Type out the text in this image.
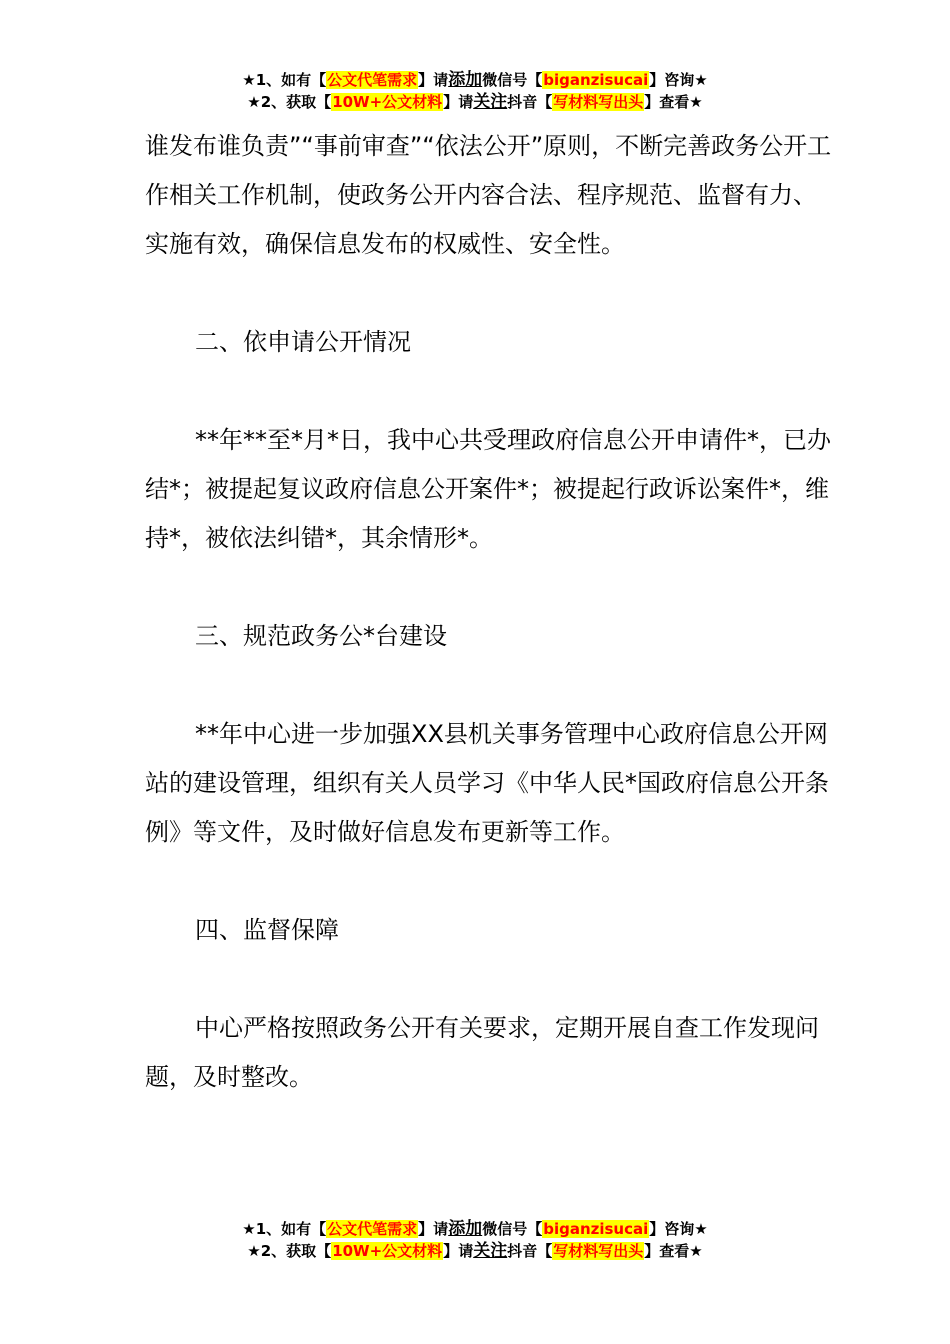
★1、如有【公文代笔需求】请添加微信号【biganzisucai】咨询★
★2、获取【10W+公文材料】请关注抖音【写材料写出头】查看★

谁发布谁负责”“事前审查”“依法公开”原则，不断完善政务公开工作相关工作机制，使政务公开内容合法、程序规范、监督有力、实施有效，确保信息发布的权威性、安全性。

二、依申请公开情况

**年**至*月*日，我中心共受理政府信息公开申请件*，已办结*；被提起复议政府信息公开案件*；被提起行政诉讼案件*，维持*，被依法纠错*，其余情形*。

三、规范政务公*台建设

**年中心进一步加强XX县机关事务管理中心政府信息公开网站的建设管理，组织有关人员学习《中华人民*国政府信息公开条例》等文件，及时做好信息发布更新等工作。

四、监督保障

中心严格按照政务公开有关要求，定期开展自查工作发现问题，及时整改。

★1、如有【公文代笔需求】请添加微信号【biganzisucai】咨询★
★2、获取【10W+公文材料】请关注抖音【写材料写出头】查看★
